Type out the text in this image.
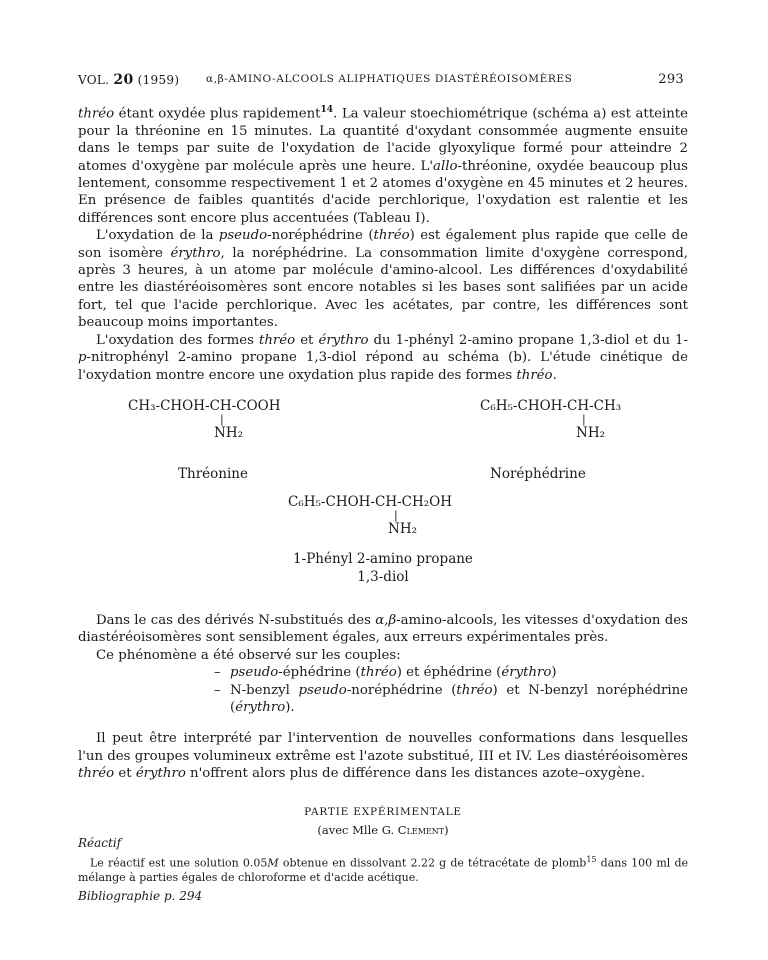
VOL. 20 (1959)	α,β-AMINO-ALCOOLS ALIPHATIQUES DIASTÉRÉOISOMÈRES	293

thréo étant oxydée plus rapidement$^{14}$. La valeur stoechiométrique (schéma a) est atteinte pour la thréonine en 15 minutes. La quantité d'oxydant consommée augmente ensuite dans le temps par suite de l'oxydation de l'acide glyoxylique formé pour atteindre 2 atomes d'oxygène par molécule après une heure. L'allo-thréonine, oxydée beaucoup plus lentement, consomme respectivement 1 et 2 atomes d'oxygène en 45 minutes et 2 heures. En présence de faibles quantités d'acide perchlorique, l'oxydation est ralentie et les différences sont encore plus accentuées (Tableau I).

L'oxydation de la pseudo-noréphédrine (thréo) est également plus rapide que celle de son isomère érythro, la noréphédrine. La consommation limite d'oxygène correspond, après 3 heures, à un atome par molécule d'amino-alcool. Les différences d'oxydabilité entre les diastéréoisomères sont encore notables si les bases sont salifiées par un acide fort, tel que l'acide perchlorique. Avec les acétates, par contre, les différences sont beaucoup moins importantes.

L'oxydation des formes thréo et érythro du 1-phényl 2-amino propane 1,3-diol et du 1-p-nitrophényl 2-amino propane 1,3-diol répond au schéma (b). L'étude cinétique de l'oxydation montre encore une oxydation plus rapide des formes thréo.

CH₃-CHOH-CH-COOH
|
NH₂
Thréonine
C₆H₅-CHOH-CH-CH₃
|
NH₂
Noréphédrine
C₆H₅-CHOH-CH-CH₂OH
|
NH₂
1-Phényl 2-amino propane
1,3-diol

Dans le cas des dérivés N-substitués des α,β-amino-alcools, les vitesses d'oxydation des diastéréoisomères sont sensiblement égales, aux erreurs expérimentales près.

Ce phénomène a été observé sur les couples:

– pseudo-éphédrine (thréo) et éphédrine (érythro)
– N-benzyl pseudo-noréphédrine (thréo) et N-benzyl noréphédrine (érythro).

Il peut être interprété par l'intervention de nouvelles conformations dans lesquelles l'un des groupes volumineux extrême est l'azote substitué, III et IV. Les diastéréoisomères thréo et érythro n'offrent alors plus de différence dans les distances azote–oxygène.

PARTIE EXPÉRIMENTALE
(avec Mlle G. Clement)

Réactif

Le réactif est une solution 0.05M obtenue en dissolvant 2.22 g de tétracétate de plomb$^{15}$ dans 100 ml de mélange à parties égales de chloroforme et d'acide acétique.

Bibliographie p. 294
